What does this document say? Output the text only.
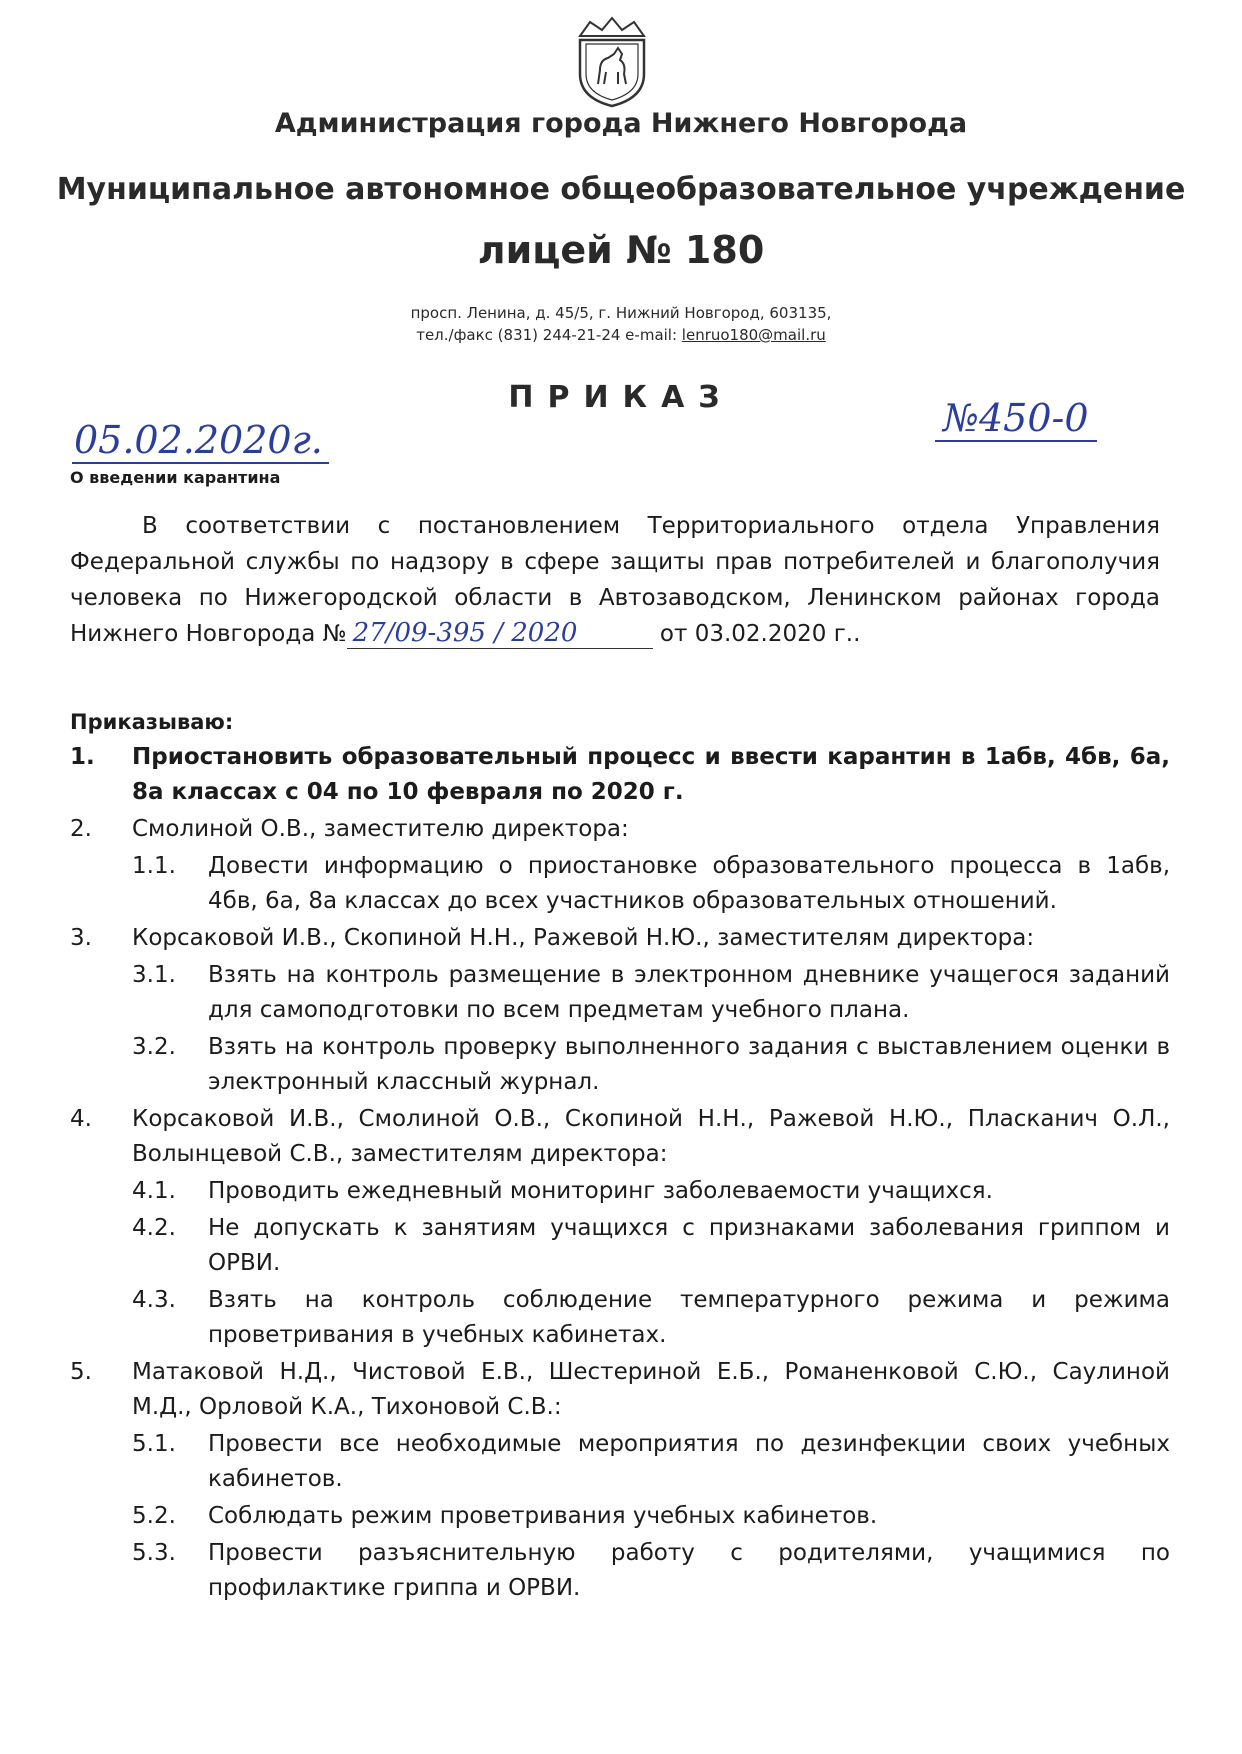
Администрация города Нижнего Новгорода
Муниципальное автономное общеобразовательное учреждение
лицей № 180
просп. Ленина, д. 45/5, г. Нижний Новгород, 603135,
тел./факс (831) 244-21-24 e-mail: lenruo180@mail.ru
ПРИКАЗ
05.02.2020г.	№450-0
О введении карантина
В соответствии с постановлением Территориального отдела Управления Федеральной службы по надзору в сфере защиты прав потребителей и благополучия человека по Нижегородской области в Автозаводском, Ленинском районах города Нижнего Новгорода № 27/09-395 / 2020	от 03.02.2020 г..
Приказываю:
1.	Приостановить образовательный процесс и ввести карантин в 1абв, 4бв, 6а, 8а классах с 04 по 10 февраля по 2020 г.
2.	Смолиной О.В., заместителю директора:
1.1.	Довести информацию о приостановке образовательного процесса в 1абв, 4бв, 6а, 8а классах до всех участников образовательных отношений.
3.	Корсаковой И.В., Скопиной Н.Н., Ражевой Н.Ю., заместителям директора:
3.1.	Взять на контроль размещение в электронном дневнике учащегося заданий для самоподготовки по всем предметам учебного плана.
3.2.	Взять на контроль проверку выполненного задания с выставлением оценки в электронный классный журнал.
4.	Корсаковой И.В., Смолиной О.В., Скопиной Н.Н., Ражевой Н.Ю., Пласканич О.Л., Волынцевой С.В., заместителям директора:
4.1.	Проводить ежедневный мониторинг заболеваемости учащихся.
4.2.	Не допускать к занятиям учащихся с признаками заболевания гриппом и ОРВИ.
4.3.	Взять на контроль соблюдение температурного режима и режима проветривания в учебных кабинетах.
5.	Матаковой Н.Д., Чистовой Е.В., Шестериной Е.Б., Романенковой С.Ю., Саулиной М.Д., Орловой К.А., Тихоновой С.В.:
5.1.	Провести все необходимые мероприятия по дезинфекции своих учебных кабинетов.
5.2.	Соблюдать режим проветривания учебных кабинетов.
5.3.	Провести разъяснительную работу с родителями, учащимися по профилактике гриппа и ОРВИ.
